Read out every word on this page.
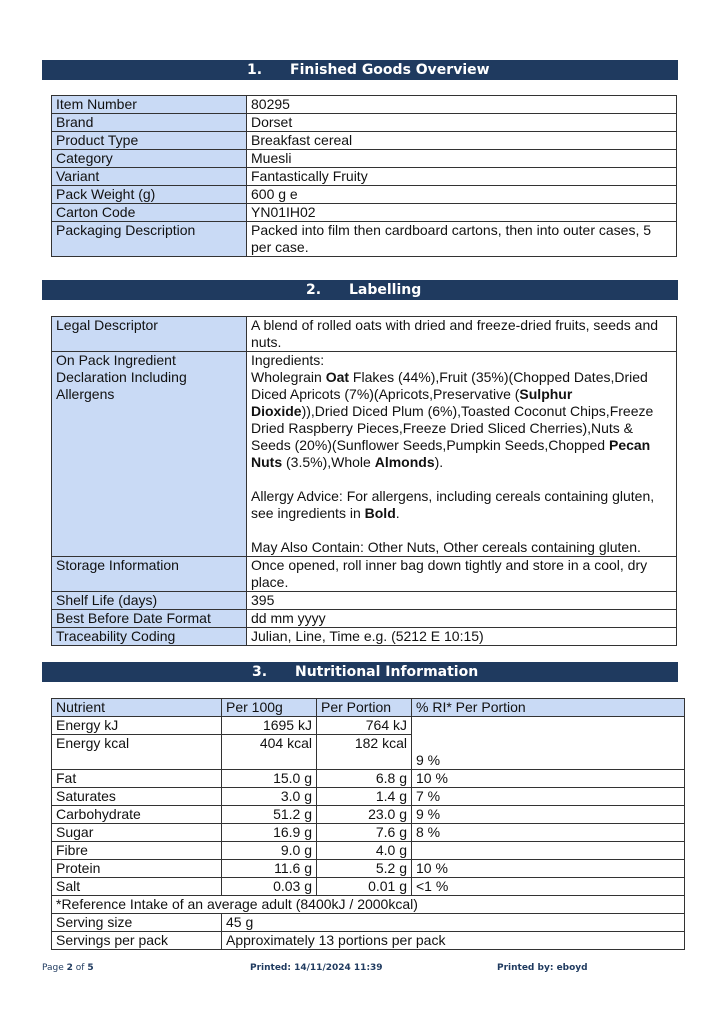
1. Finished Goods Overview
Item Number	80295
Brand	Dorset
Product Type	Breakfast cereal
Category	Muesli
Variant	Fantastically Fruity
Pack Weight (g)	600 g e
Carton Code	YN01IH02
Packaging Description	Packed into film then cardboard cartons, then into outer cases, 5 per case.
2. Labelling
Legal Descriptor	A blend of rolled oats with dried and freeze-dried fruits, seeds and nuts.
On Pack Ingredient Declaration Including Allergens	Ingredients:
Wholegrain Oat Flakes (44%),Fruit (35%)(Chopped Dates,Dried Diced Apricots (7%)(Apricots,Preservative (Sulphur Dioxide)),Dried Diced Plum (6%),Toasted Coconut Chips,Freeze Dried Raspberry Pieces,Freeze Dried Sliced Cherries),Nuts & Seeds (20%)(Sunflower Seeds,Pumpkin Seeds,Chopped Pecan Nuts (3.5%),Whole Almonds).
Allergy Advice: For allergens, including cereals containing gluten, see ingredients in Bold.
May Also Contain: Other Nuts, Other cereals containing gluten.

Storage Information	Once opened, roll inner bag down tightly and store in a cool, dry place.
Shelf Life (days)	395
Best Before Date Format	dd mm yyyy
Traceability Coding	Julian, Line, Time e.g. (5212 E 10:15)
3. Nutritional Information
Nutrient	Per 100g	Per Portion	% RI* Per Portion
Energy kJ	1695 kJ	764 kJ	9 %
Energy kcal	404 kcal	182 kcal	
Fat	15.0 g	6.8 g	10 %
Saturates	3.0 g	1.4 g	7 %
Carbohydrate	51.2 g	23.0 g	9 %
Sugar	16.9 g	7.6 g	8 %
Fibre	9.0 g	4.0 g	
Protein	11.6 g	5.2 g	10 %
Salt	0.03 g	0.01 g	<1 %
*Reference Intake of an average adult (8400kJ / 2000kcal)			
Serving size	45 g		
Servings per pack	Approximately 13 portions per pack		
Page 2 of 5	Printed: 14/11/2024 11:39	Printed by: eboyd
